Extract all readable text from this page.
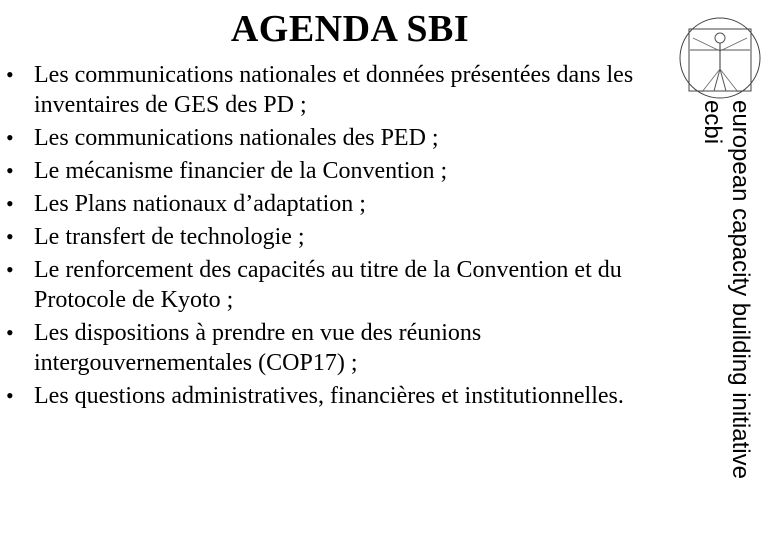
AGENDA SBI
• Les communications nationales et données présentées dans les inventaires de GES des PD ;
• Les communications nationales des PED ;
• Le mécanisme financier de la Convention ;
• Les Plans nationaux d’adaptation ;
• Le transfert de technologie ;
• Le renforcement des capacités au titre de la Convention et du Protocole de Kyoto ;
• Les dispositions à prendre en vue des réunions intergouvernementales (COP17) ;
• Les questions administratives, financières et institutionnelles.	european capacity building initiative
ecbi
